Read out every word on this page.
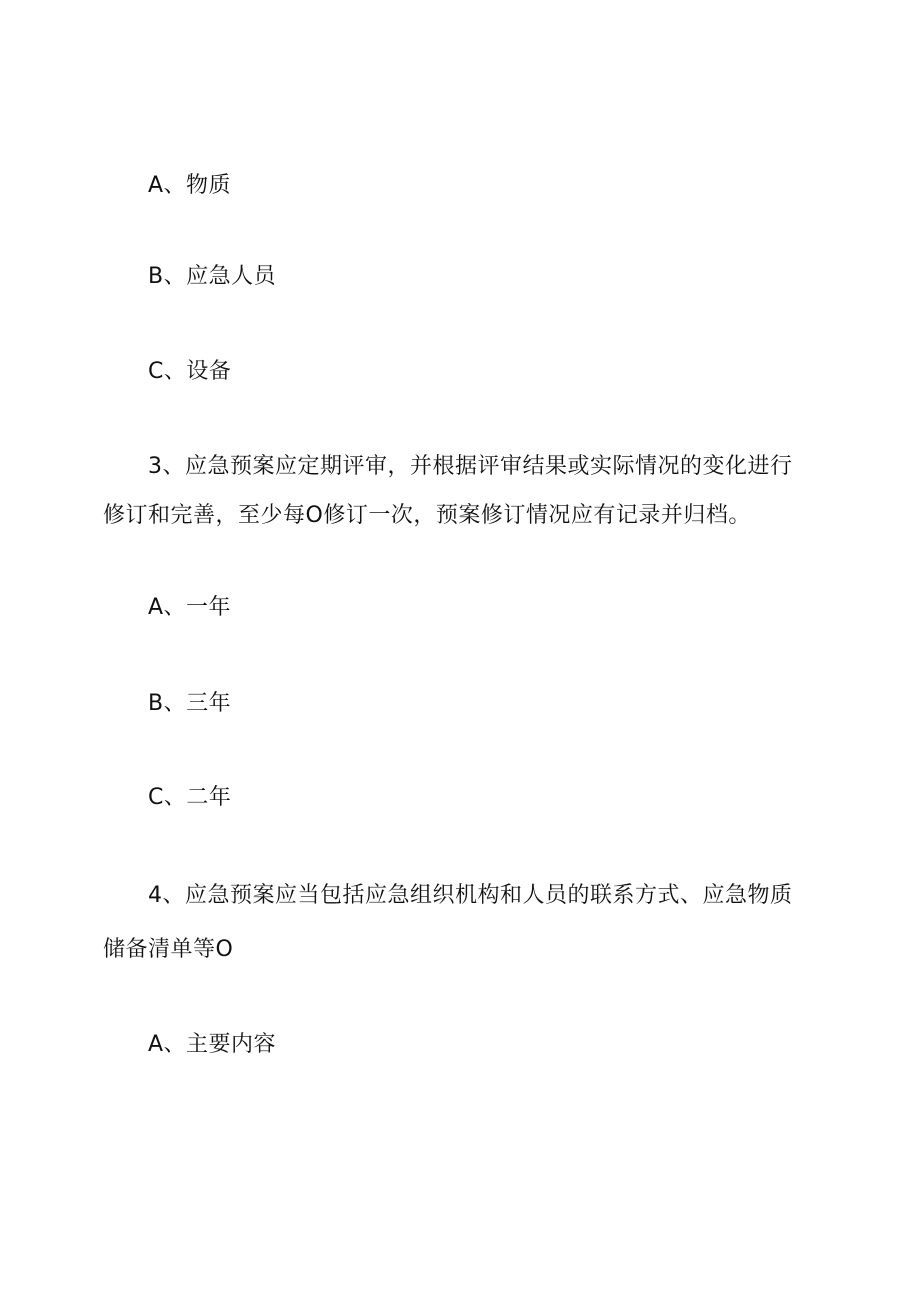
A、物质
B、应急人员
C、设备
3、应急预案应定期评审，并根据评审结果或实际情况的变化进行
修订和完善，至少每O修订一次，预案修订情况应有记录并归档。
A、一年
B、三年
C、二年
4、应急预案应当包括应急组织机构和人员的联系方式、应急物质
储备清单等O
A、主要内容
